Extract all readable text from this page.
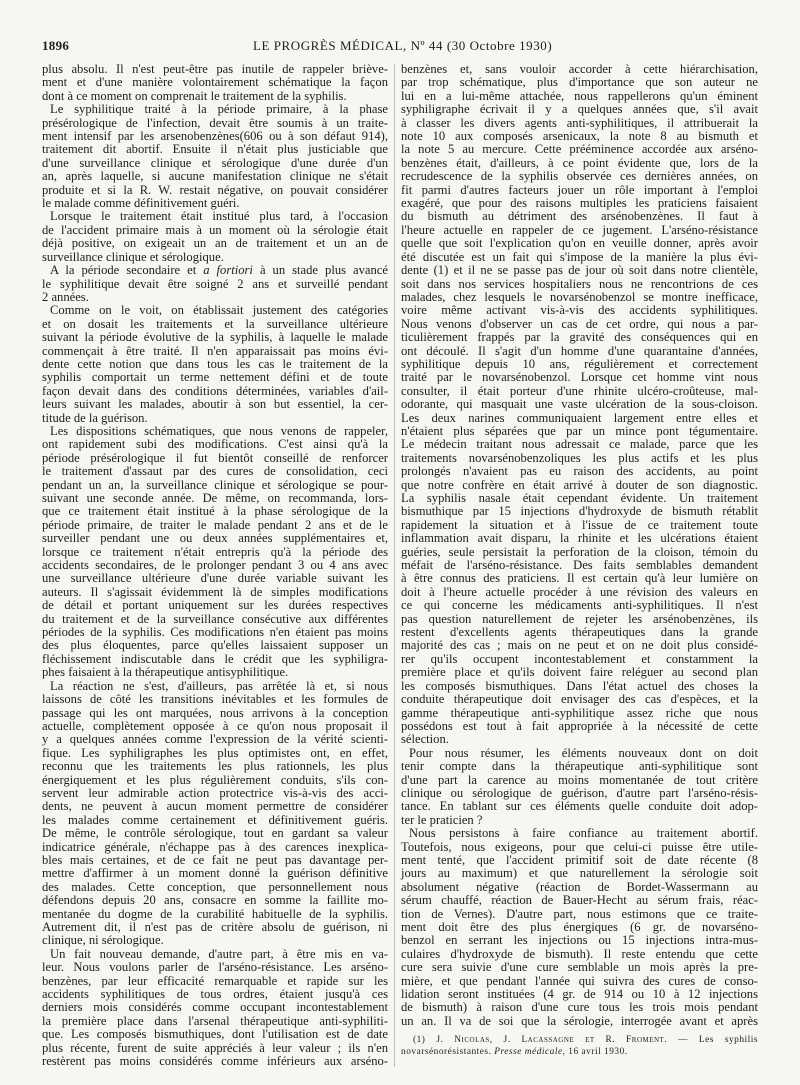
1896	LE PROGRÈS MÉDICAL, Nº 44 (30 Octobre 1930)
plus absolu. Il n'est peut-être pas inutile de rappeler briève-
ment et d'une manière volontairement schématique la façon
dont à ce moment on comprenait le traitement de la syphilis.
Le syphilitique traité à la période primaire, à la phase
présérologique de l'infection, devait être soumis à un traite-
ment intensif par les arsenobenzènes(606 ou à son défaut 914),
traitement dit abortif. Ensuite il n'était plus justiciable que
d'une surveillance clinique et sérologique d'une durée d'un
an, après laquelle, si aucune manifestation clinique ne s'était
produite et si la R. W. restait négative, on pouvait considérer
le malade comme définitivement guéri.
Lorsque le traitement était institué plus tard, à l'occasion
de l'accident primaire mais à un moment où la sérologie était
déjà positive, on exigeait un an de traitement et un an de
surveillance clinique et sérologique.
A la période secondaire et a fortiori à un stade plus avancé
le syphilitique devait être soigné 2 ans et surveillé pendant
2 années.
Comme on le voit, on établissait justement des catégories
et on dosait les traitements et la surveillance ultérieure
suivant la période évolutive de la syphilis, à laquelle le malade
commençait à être traité. Il n'en apparaissait pas moins évi-
dente cette notion que dans tous les cas le traitement de la
syphilis comportait un terme nettement défini et de toute
façon devait dans des conditions déterminées, variables d'ail-
leurs suivant les malades, aboutir à son but essentiel, la cer-
titude de la guérison.
Les dispositions schématiques, que nous venons de rappeler,
ont rapidement subi des modifications. C'est ainsi qu'à la
période présérologique il fut bientôt conseillé de renforcer
le traitement d'assaut par des cures de consolidation, ceci
pendant un an, la surveillance clinique et sérologique se pour-
suivant une seconde année. De même, on recommanda, lors-
que ce traitement était institué à la phase sérologique de la
période primaire, de traiter le malade pendant 2 ans et de le
surveiller pendant une ou deux années supplémentaires et,
lorsque ce traitement n'était entrepris qu'à la période des
accidents secondaires, de le prolonger pendant 3 ou 4 ans avec
une surveillance ultérieure d'une durée variable suivant les
auteurs. Il s'agissait évidemment là de simples modifications
de détail et portant uniquement sur les durées respectives
du traitement et de la surveillance consécutive aux différentes
périodes de la syphilis. Ces modifications n'en étaient pas moins
des plus éloquentes, parce qu'elles laissaient supposer un
fléchissement indiscutable dans le crédit que les syphiligra-
phes faisaient à la thérapeutique antisyphilitique.
La réaction ne s'est, d'ailleurs, pas arrêtée là et, si nous
laissons de côté les transitions inévitables et les formules de
passage qui les ont marquées, nous arrivons à la conception
actuelle, complètement opposée à ce qu'on nous proposait il
y a quelques années comme l'expression de la vérité scienti-
fique. Les syphiligraphes les plus optimistes ont, en effet,
reconnu que les traitements les plus rationnels, les plus
énergiquement et les plus régulièrement conduits, s'ils con-
servent leur admirable action protectrice vis-à-vis des acci-
dents, ne peuvent à aucun moment permettre de considérer
les malades comme certainement et définitivement guéris.
De même, le contrôle sérologique, tout en gardant sa valeur
indicatrice générale, n'échappe pas à des carences inexplica-
bles mais certaines, et de ce fait ne peut pas davantage per-
mettre d'affirmer à un moment donné la guérison définitive
des malades. Cette conception, que personnellement nous
défendons depuis 20 ans, consacre en somme la faillite mo-
mentanée du dogme de la curabilité habituelle de la syphilis.
Autrement dit, il n'est pas de critère absolu de guérison, ni
clinique, ni sérologique.
Un fait nouveau demande, d'autre part, à être mis en va-
leur. Nous voulons parler de l'arséno-résistance. Les arséno-
benzènes, par leur efficacité remarquable et rapide sur les
accidents syphilitiques de tous ordres, étaient jusqu'à ces
derniers mois considérés comme occupant incontestablement
la première place dans l'arsenal thérapeutique anti-syphiliti-
que. Les composés bismuthiques, dont l'utilisation est de date
plus récente, furent de suite appréciés à leur valeur ; ils n'en
restèrent pas moins considérés comme inférieurs aux arséno-
benzènes et, sans vouloir accorder à cette hiérarchisation,
par trop schématique, plus d'importance que son auteur ne
lui en a lui-même attachée, nous rappellerons qu'un éminent
syphiligraphe écrivait il y a quelques années que, s'il avait
à classer les divers agents anti-syphilitiques, il attribuerait la
note 10 aux composés arsenicaux, la note 8 au bismuth et
la note 5 au mercure. Cette prééminence accordée aux arséno-
benzènes était, d'ailleurs, à ce point évidente que, lors de la
recrudescence de la syphilis observée ces dernières années, on
fit parmi d'autres facteurs jouer un rôle important à l'emploi
exagéré, que pour des raisons multiples les praticiens faisaient
du bismuth au détriment des arsénobenzènes. Il faut à
l'heure actuelle en rappeler de ce jugement. L'arséno-résistance
quelle que soit l'explication qu'on en veuille donner, après avoir
été discutée est un fait qui s'impose de la manière la plus évi-
dente (1) et il ne se passe pas de jour où soit dans notre clientèle,
soit dans nos services hospitaliers nous ne rencontrions de ces
malades, chez lesquels le novarsénobenzol se montre inefficace,
voire même activant vis-à-vis des accidents syphilitiques.
Nous venons d'observer un cas de cet ordre, qui nous a par-
ticulièrement frappés par la gravité des conséquences qui en
ont découlé. Il s'agit d'un homme d'une quarantaine d'années,
syphilitique depuis 10 ans, régulièrement et correctement
traité par le novarsénobenzol. Lorsque cet homme vint nous
consulter, il était porteur d'une rhinite ulcéro-croûteuse, mal-
odorante, qui masquait une vaste ulcération de la sous-cloison.
Les deux narines communiquaient largement entre elles et
n'étaient plus séparées que par un mince pont tégumentaire.
Le médecin traitant nous adressait ce malade, parce que les
traitements novarsénobenzoliques les plus actifs et les plus
prolongés n'avaient pas eu raison des accidents, au point
que notre confrère en était arrivé à douter de son diagnostic.
La syphilis nasale était cependant évidente. Un traitement
bismuthique par 15 injections d'hydroxyde de bismuth rétablit
rapidement la situation et à l'issue de ce traitement toute
inflammation avait disparu, la rhinite et les ulcérations étaient
guéries, seule persistait la perforation de la cloison, témoin du
méfait de l'arséno-résistance. Des faits semblables demandent
à être connus des praticiens. Il est certain qu'à leur lumière on
doit à l'heure actuelle procéder à une révision des valeurs en
ce qui concerne les médicaments anti-syphilitiques. Il n'est
pas question naturellement de rejeter les arsénobenzènes, ils
restent d'excellents agents thérapeutiques dans la grande
majorité des cas ; mais on ne peut et on ne doit plus considé-
rer qu'ils occupent incontestablement et constamment la
première place et qu'ils doivent faire reléguer au second plan
les composés bismuthiques. Dans l'état actuel des choses la
conduite thérapeutique doit envisager des cas d'espèces, et la
gamme thérapeutique anti-syphilitique assez riche que nous
possédons est tout à fait appropriée à la nécessité de cette
sélection.
Pour nous résumer, les éléments nouveaux dont on doit
tenir compte dans la thérapeutique anti-syphilitique sont
d'une part la carence au moins momentanée de tout critère
clinique ou sérologique de guérison, d'autre part l'arséno-résis-
tance. En tablant sur ces éléments quelle conduite doit adop-
ter le praticien ?
Nous persistons à faire confiance au traitement abortif.
Toutefois, nous exigeons, pour que celui-ci puisse être utile-
ment tenté, que l'accident primitif soit de date récente (8
jours au maximum) et que naturellement la sérologie soit
absolument négative (réaction de Bordet-Wassermann au
sérum chauffé, réaction de Bauer-Hecht au sérum frais, réac-
tion de Vernes). D'autre part, nous estimons que ce traite-
ment doit être des plus énergiques (6 gr. de novarséno-
benzol en serrant les injections ou 15 injections intra-mus-
culaires d'hydroxyde de bismuth). Il reste entendu que cette
cure sera suivie d'une cure semblable un mois après la pre-
mière, et que pendant l'année qui suivra des cures de conso-
lidation seront instituées (4 gr. de 914 ou 10 à 12 injections
de bismuth) à raison d'une cure tous les trois mois pendant
un an. Il va de soi que la sérologie, interrogée avant et après
(1) J. Nicolas, J. Lacassagne et R. Froment. — Les syphilis
novarsénorésistantes. Presse médicale, 16 avril 1930.
